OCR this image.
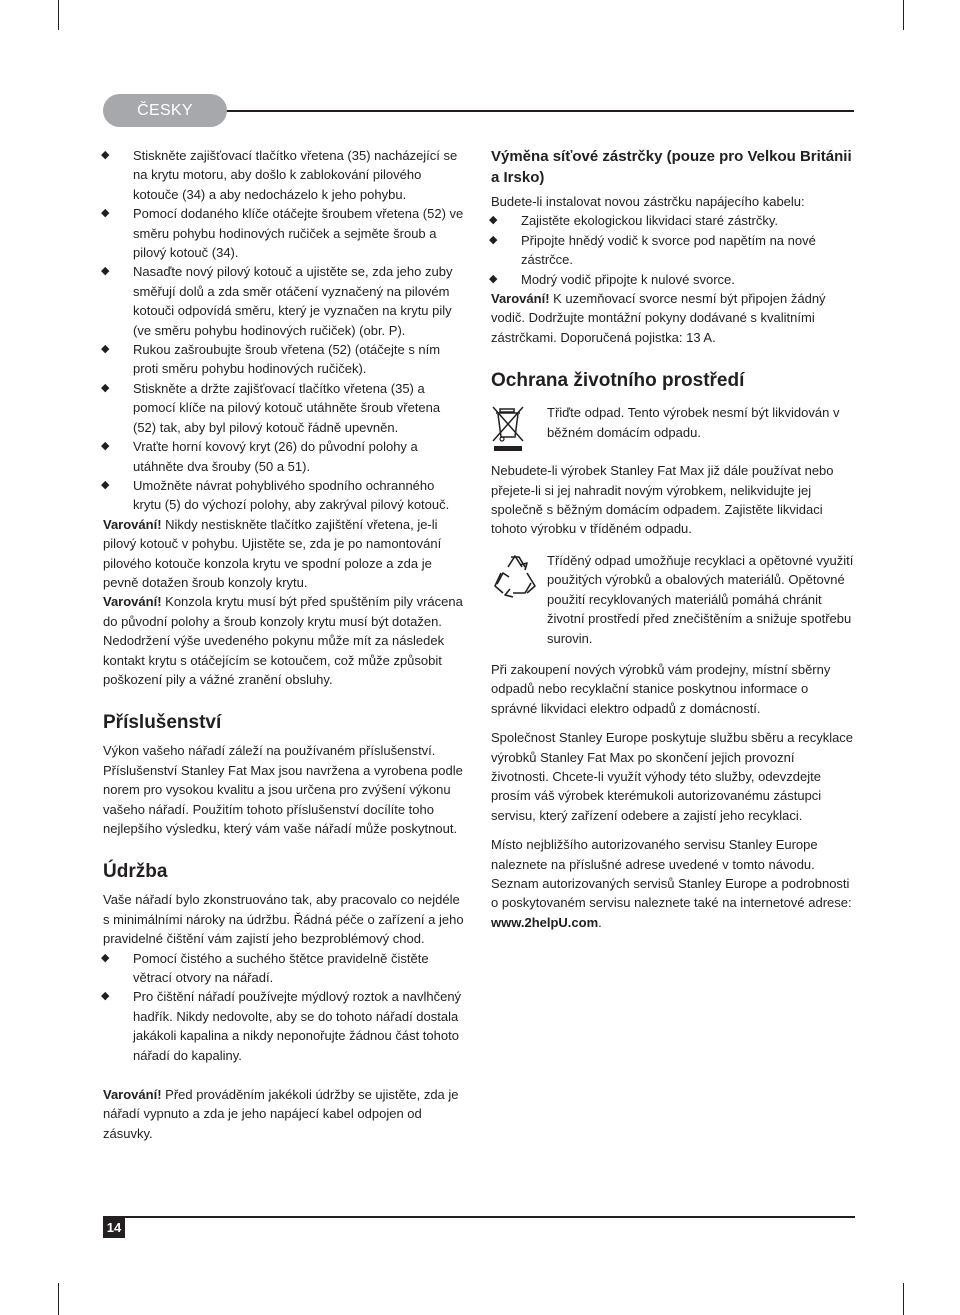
ČESKY
◆ Stiskněte zajišťovací tlačítko vřetena (35) nacházející se na krytu motoru, aby došlo k zablokování pilového kotouče (34) a aby nedocházelo k jeho pohybu.
◆ Pomocí dodaného klíče otáčejte šroubem vřetena (52) ve směru pohybu hodinových ručiček a sejměte šroub a pilový kotouč (34).
◆ Nasaďte nový pilový kotouč a ujistěte se, zda jeho zuby směřují dolů a zda směr otáčení vyznačený na pilovém kotouči odpovídá směru, který je vyznačen na krytu pily (ve směru pohybu hodinových ručiček) (obr. P).
◆ Rukou zašroubujte šroub vřetena (52) (otáčejte s ním proti směru pohybu hodinových ručiček).
◆ Stiskněte a držte zajišťovací tlačítko vřetena (35) a pomocí klíče na pilový kotouč utáhněte šroub vřetena (52) tak, aby byl pilový kotouč řádně upevněn.
◆ Vraťte horní kovový kryt (26) do původní polohy a utáhněte dva šrouby (50 a 51).
◆ Umožněte návrat pohyblivého spodního ochranného krytu (5) do výchozí polohy, aby zakrýval pilový kotouč.

Varování! Nikdy nestiskněte tlačítko zajištění vřetena, je-li pilový kotouč v pohybu. Ujistěte se, zda je po namontování pilového kotouče konzola krytu ve spodní poloze a zda je pevně dotažen šroub konzoly krytu.

Varování! Konzola krytu musí být před spuštěním pily vrácena do původní polohy a šroub konzoly krytu musí být dotažen. Nedodržení výše uvedeného pokynu může mít za následek kontakt krytu s otáčejícím se kotoučem, což může způsobit poškození pily a vážné zranění obsluhy.

Příslušenství

Výkon vašeho nářadí záleží na používaném příslušenství. Příslušenství Stanley Fat Max jsou navržena a vyrobena podle norem pro vysokou kvalitu a jsou určena pro zvýšení výkonu vašeho nářadí. Použitím tohoto příslušenství docílíte toho nejlepšího výsledku, který vám vaše nářadí může poskytnout.

Údržba

Vaše nářadí bylo zkonstruováno tak, aby pracovalo co nejdéle s minimálními nároky na údržbu. Řádná péče o zařízení a jeho pravidelné čištění vám zajistí jeho bezproblémový chod.

◆ Pomocí čistého a suchého štětce pravidelně čistěte větrací otvory na nářadí.
◆ Pro čištění nářadí používejte mýdlový roztok a navlhčený hadřík. Nikdy nedovolte, aby se do tohoto nářadí dostala jakákoli kapalina a nikdy neponořujte žádnou část tohoto nářadí do kapaliny.

Varování! Před prováděním jakékoli údržby se ujistěte, zda je nářadí vypnuto a zda je jeho napájecí kabel odpojen od zásuvky.

Výměna síťové zástrčky (pouze pro Velkou Británii a Irsko)

Budete-li instalovat novou zástrčku napájecího kabelu:

◆ Zajistěte ekologickou likvidaci staré zástrčky.
◆ Připojte hnědý vodič k svorce pod napětím na nové zástrčce.
◆ Modrý vodič připojte k nulové svorce.

Varování! K uzemňovací svorce nesmí být připojen žádný vodič. Dodržujte montážní pokyny dodávané s kvalitními zástrčkami. Doporučená pojistka: 13 A.

Ochrana životního prostředí

Třiďte odpad. Tento výrobek nesmí být likvidován v běžném domácím odpadu.

Nebudete-li výrobek Stanley Fat Max již dále používat nebo přejete-li si jej nahradit novým výrobkem, nelikvidujte jej společně s běžným domácím odpadem. Zajistěte likvidaci tohoto výrobku v tříděném odpadu.

Tříděný odpad umožňuje recyklaci a opětovné využití použitých výrobků a obalových materiálů. Opětovné použití recyklovaných materiálů pomáhá chránit životní prostředí před znečištěním a snižuje spotřebu surovin.

Při zakoupení nových výrobků vám prodejny, místní sběrny odpadů nebo recyklační stanice poskytnou informace o správné likvidaci elektro odpadů z domácností.

Společnost Stanley Europe poskytuje službu sběru a recyklace výrobků Stanley Fat Max po skončení jejich provozní životnosti. Chcete-li využít výhody této služby, odevzdejte prosím váš výrobek kterémukoli autorizovanému zástupci servisu, který zařízení odebere a zajistí jeho recyklaci.

Místo nejbližšího autorizovaného servisu Stanley Europe naleznete na příslušné adrese uvedené v tomto návodu. Seznam autorizovaných servisů Stanley Europe a podrobnosti o poskytovaném servisu naleznete také na internetové adrese: www.2helpU.com.

14
